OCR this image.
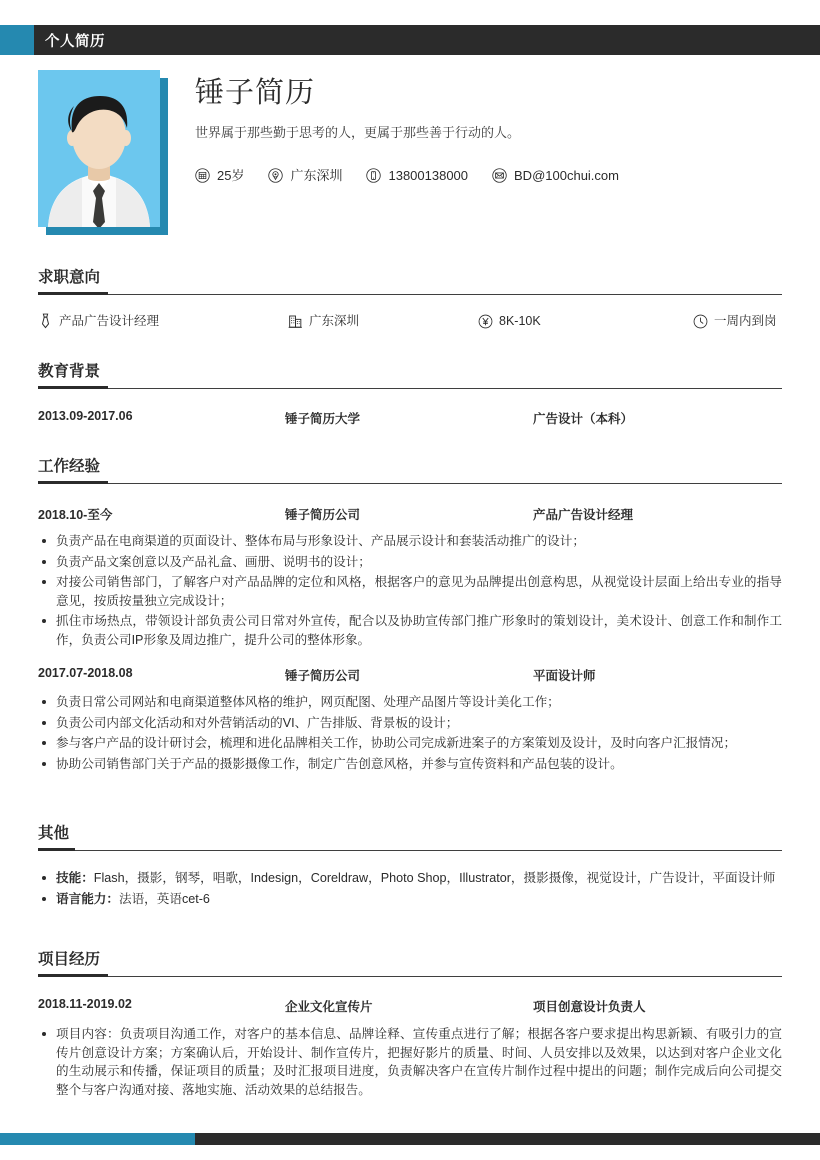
个人简历
锤子简历

世界属于那些勤于思考的人，更属于那些善于行动的人。

25岁	广东深圳	13800138000	BD@100chui.com
求职意向
产品广告设计经理	广东深圳	8K-10K	一周内到岗
教育背景
2013.09-2017.06	锤子简历大学	广告设计（本科）
工作经验
2018.10-至今	锤子简历公司	产品广告设计经理
负责产品在电商渠道的页面设计、整体布局与形象设计、产品展示设计和套装活动推广的设计；
负责产品文案创意以及产品礼盒、画册、说明书的设计；
对接公司销售部门，了解客户对产品品牌的定位和风格，根据客户的意见为品牌提出创意构思，从视觉设计层面上给出专业的指导意见，按质按量独立完成设计；
抓住市场热点，带领设计部负责公司日常对外宣传，配合以及协助宣传部门推广形象时的策划设计，美术设计、创意工作和制作工作，负责公司IP形象及周边推广，提升公司的整体形象。
2017.07-2018.08	锤子简历公司	平面设计师
负责日常公司网站和电商渠道整体风格的维护，网页配图、处理产品图片等设计美化工作；
负责公司内部文化活动和对外营销活动的VI、广告排版、背景板的设计；
参与客户产品的设计研讨会，梳理和进化品牌相关工作，协助公司完成新进案子的方案策划及设计，及时向客户汇报情况；
协助公司销售部门关于产品的摄影摄像工作，制定广告创意风格，并参与宣传资料和产品包装的设计。
其他
技能：Flash，摄影，钢琴，唱歌，Indesign，Coreldraw，Photo Shop，Illustrator，摄影摄像，视觉设计，广告设计，平面设计师
语言能力：法语，英语cet-6
项目经历
2018.11-2019.02	企业文化宣传片	项目创意设计负责人
项目内容：负责项目沟通工作，对客户的基本信息、品牌诠释、宣传重点进行了解；根据各客户要求提出构思新颖、有吸引力的宣传片创意设计方案；方案确认后，开始设计、制作宣传片，把握好影片的质量、时间、人员安排以及效果，以达到对客户企业文化的生动展示和传播，保证项目的质量；及时汇报项目进度，负责解决客户在宣传片制作过程中提出的问题；制作完成后向公司提交整个与客户沟通对接、落地实施、活动效果的总结报告。
